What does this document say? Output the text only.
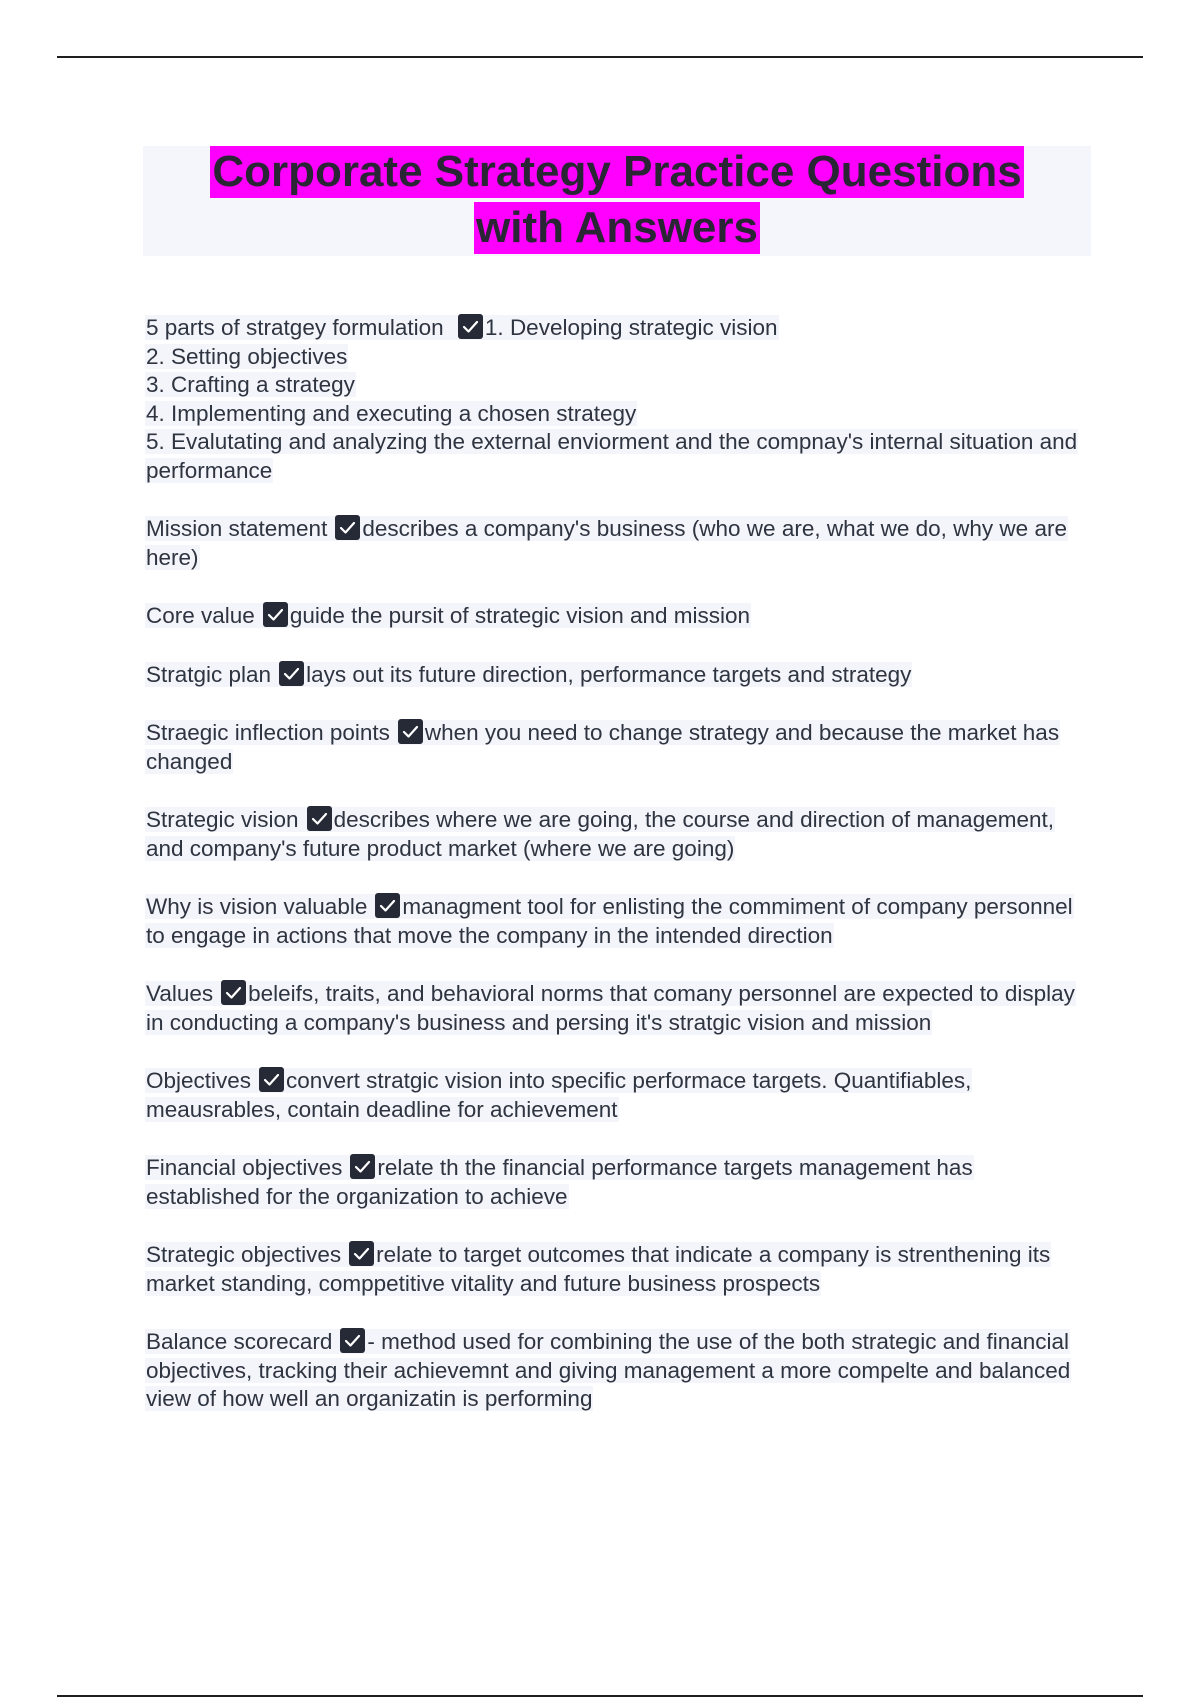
Corporate Strategy Practice Questions
with Answers
5 parts of stratgey formulation 1. Developing strategic vision
2. Setting objectives
3. Crafting a strategy
4. Implementing and executing a chosen strategy
5. Evalutating and analyzing the external enviorment and the compnay's internal situation and performance
Mission statement describes a company's business (who we are, what we do, why we are here)
Core value guide the pursit of strategic vision and mission
Stratgic plan lays out its future direction, performance targets and strategy
Straegic inflection points when you need to change strategy and because the market has changed
Strategic vision describes where we are going, the course and direction of management, and company's future product market (where we are going)
Why is vision valuable managment tool for enlisting the commiment of company personnel to engage in actions that move the company in the intended direction
Values beleifs, traits, and behavioral norms that comany personnel are expected to display in conducting a company's business and persing it's stratgic vision and mission
Objectives convert stratgic vision into specific performace targets. Quantifiables, meausrables, contain deadline for achievement
Financial objectives relate th the financial performance targets management has established for the organization to achieve
Strategic objectives relate to target outcomes that indicate a company is strenthening its market standing, comppetitive vitality and future business prospects
Balance scorecard - method used for combining the use of the both strategic and financial objectives, tracking their achievemnt and giving management a more compelte and balanced view of how well an organizatin is performing
